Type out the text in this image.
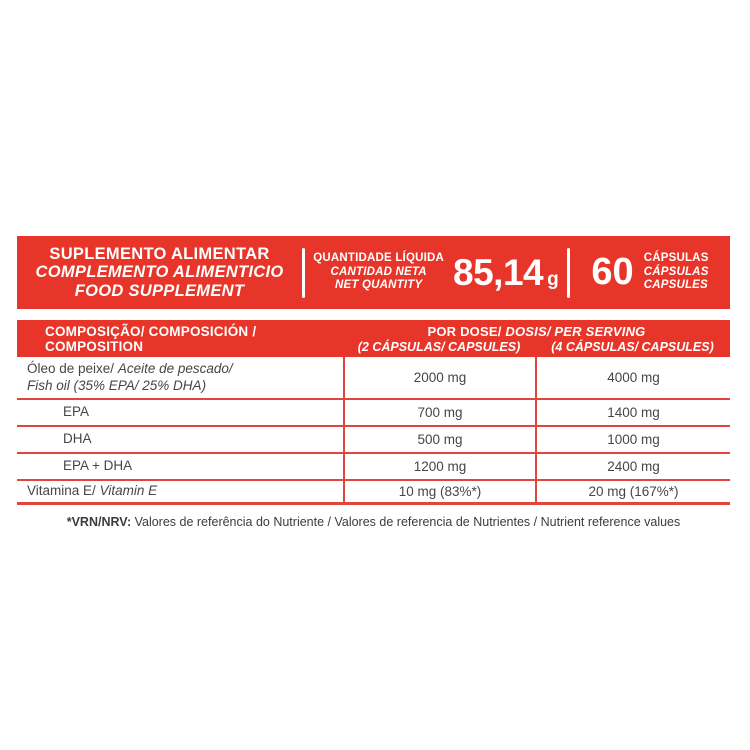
SUPLEMENTO ALIMENTAR
COMPLEMENTO ALIMENTICIO
FOOD SUPPLEMENT
QUANTIDADE LÍQUIDA
CANTIDAD NETA
NET QUANTITY 85,14 g 60 CÁPSULAS
CÁPSULAS
CAPSULES
COMPOSIÇÃO/ COMPOSICIÓN / COMPOSITION
POR DOSE/ DOSIS/ PER SERVING
(2 CÁPSULAS/ CAPSULES)	(4 CÁPSULAS/ CAPSULES)
Óleo de peixe/ Aceite de pescado/
Fish oil (35% EPA/ 25% DHA)	2000 mg	4000 mg
EPA	700 mg	1400 mg
DHA	500 mg	1000 mg
EPA + DHA	1200 mg	2400 mg
Vitamina E/ Vitamin E	10 mg (83%*)	20 mg (167%*)
*VRN/NRV: Valores de referência do Nutriente / Valores de referencia de Nutrientes / Nutrient reference values
